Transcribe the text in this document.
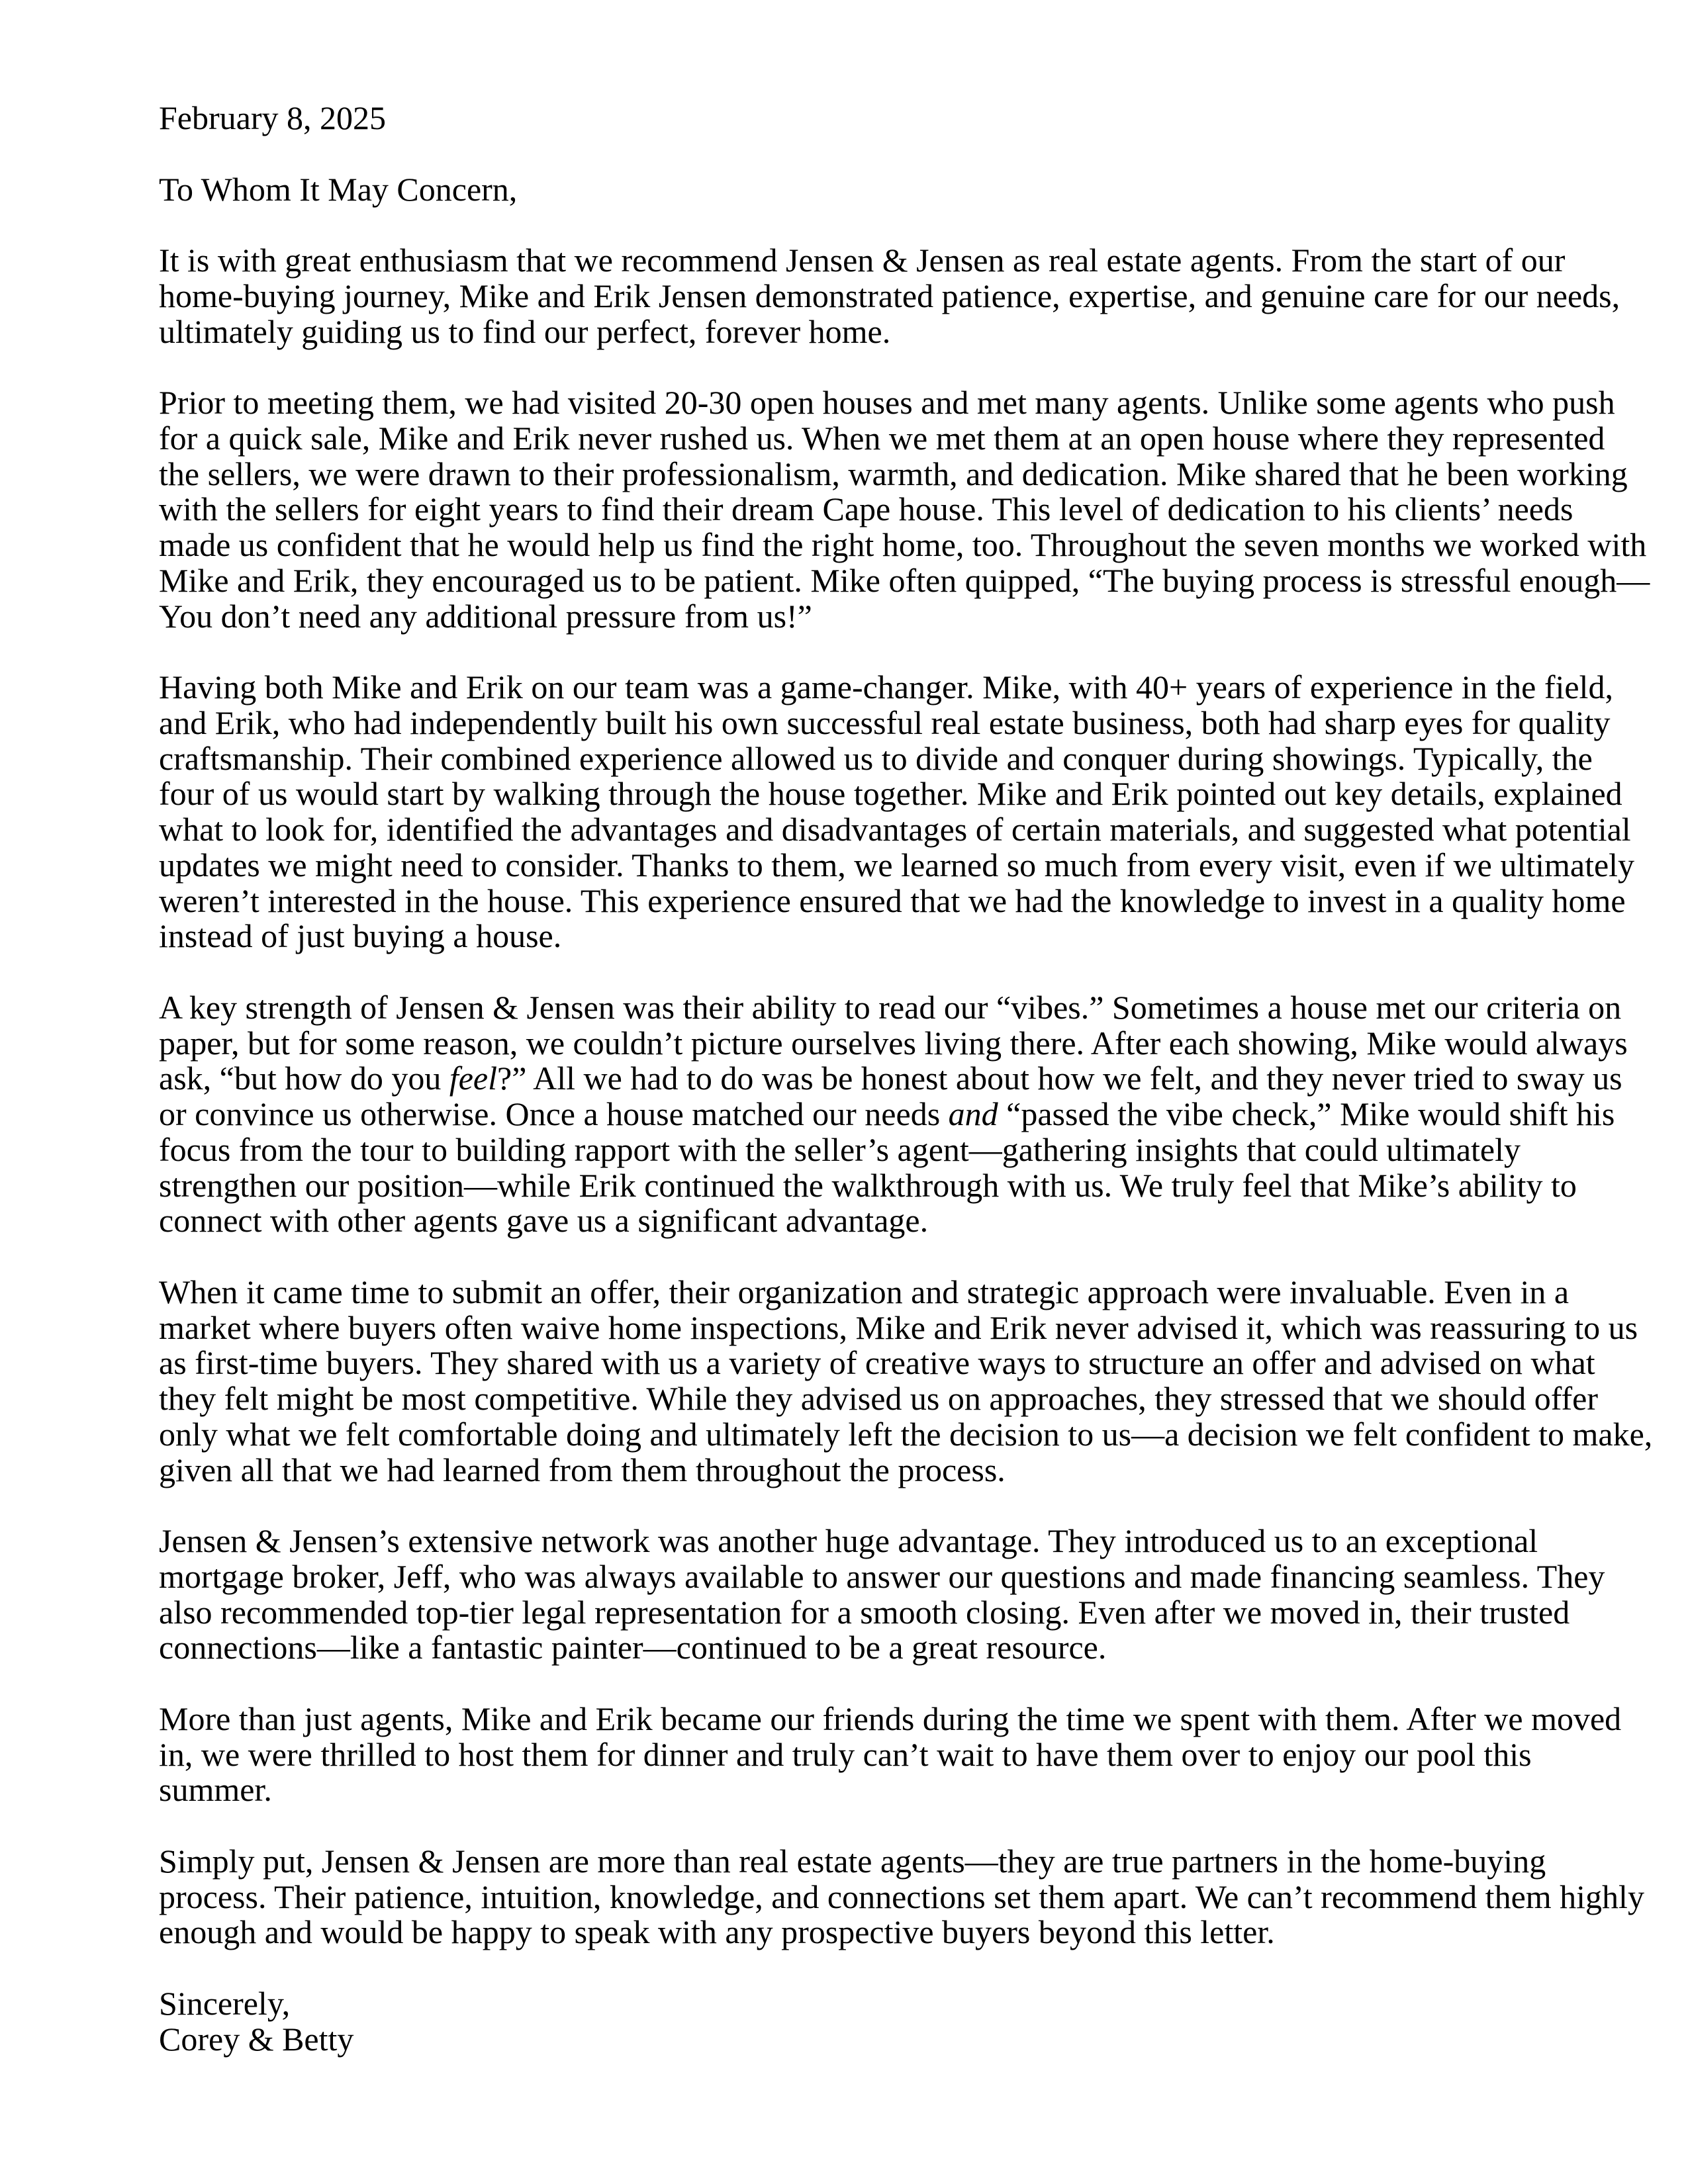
February 8, 2025
To Whom It May Concern,
It is with great enthusiasm that we recommend Jensen & Jensen as real estate agents. From the start of our
home-buying journey, Mike and Erik Jensen demonstrated patience, expertise, and genuine care for our needs,
ultimately guiding us to find our perfect, forever home.
Prior to meeting them, we had visited 20-30 open houses and met many agents. Unlike some agents who push
for a quick sale, Mike and Erik never rushed us. When we met them at an open house where they represented
the sellers, we were drawn to their professionalism, warmth, and dedication. Mike shared that he been working
with the sellers for eight years to find their dream Cape house. This level of dedication to his clients’ needs
made us confident that he would help us find the right home, too. Throughout the seven months we worked with
Mike and Erik, they encouraged us to be patient. Mike often quipped, “The buying process is stressful enough—
You don’t need any additional pressure from us!”
Having both Mike and Erik on our team was a game-changer. Mike, with 40+ years of experience in the field,
and Erik, who had independently built his own successful real estate business, both had sharp eyes for quality
craftsmanship. Their combined experience allowed us to divide and conquer during showings. Typically, the
four of us would start by walking through the house together. Mike and Erik pointed out key details, explained
what to look for, identified the advantages and disadvantages of certain materials, and suggested what potential
updates we might need to consider. Thanks to them, we learned so much from every visit, even if we ultimately
weren’t interested in the house. This experience ensured that we had the knowledge to invest in a quality home
instead of just buying a house.
A key strength of Jensen & Jensen was their ability to read our “vibes.” Sometimes a house met our criteria on
paper, but for some reason, we couldn’t picture ourselves living there. After each showing, Mike would always
ask, “but how do you feel?” All we had to do was be honest about how we felt, and they never tried to sway us
or convince us otherwise. Once a house matched our needs and “passed the vibe check,” Mike would shift his
focus from the tour to building rapport with the seller’s agent—gathering insights that could ultimately
strengthen our position—while Erik continued the walkthrough with us. We truly feel that Mike’s ability to
connect with other agents gave us a significant advantage.
When it came time to submit an offer, their organization and strategic approach were invaluable. Even in a
market where buyers often waive home inspections, Mike and Erik never advised it, which was reassuring to us
as first-time buyers. They shared with us a variety of creative ways to structure an offer and advised on what
they felt might be most competitive. While they advised us on approaches, they stressed that we should offer
only what we felt comfortable doing and ultimately left the decision to us—a decision we felt confident to make,
given all that we had learned from them throughout the process.
Jensen & Jensen’s extensive network was another huge advantage. They introduced us to an exceptional
mortgage broker, Jeff, who was always available to answer our questions and made financing seamless. They
also recommended top-tier legal representation for a smooth closing. Even after we moved in, their trusted
connections—like a fantastic painter—continued to be a great resource.
More than just agents, Mike and Erik became our friends during the time we spent with them. After we moved
in, we were thrilled to host them for dinner and truly can’t wait to have them over to enjoy our pool this
summer.
Simply put, Jensen & Jensen are more than real estate agents—they are true partners in the home-buying
process. Their patience, intuition, knowledge, and connections set them apart. We can’t recommend them highly
enough and would be happy to speak with any prospective buyers beyond this letter.
Sincerely,
Corey & Betty
